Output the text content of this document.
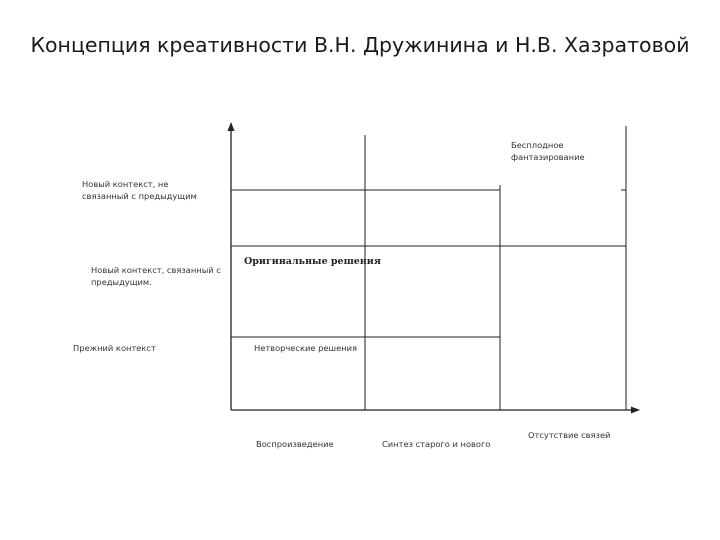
Концепция креативности В.Н. Дружинина и Н.В. Хазратовой
Новый контекст, не связанный с предыдущим
Новый контекст, связанный с предыдущим.
Прежний контекст
Воспроизведение	Синтез старого и нового
Отсутствие связей
Бесплодное фантазирование
Оригинальные решения
Нетворческие решения
